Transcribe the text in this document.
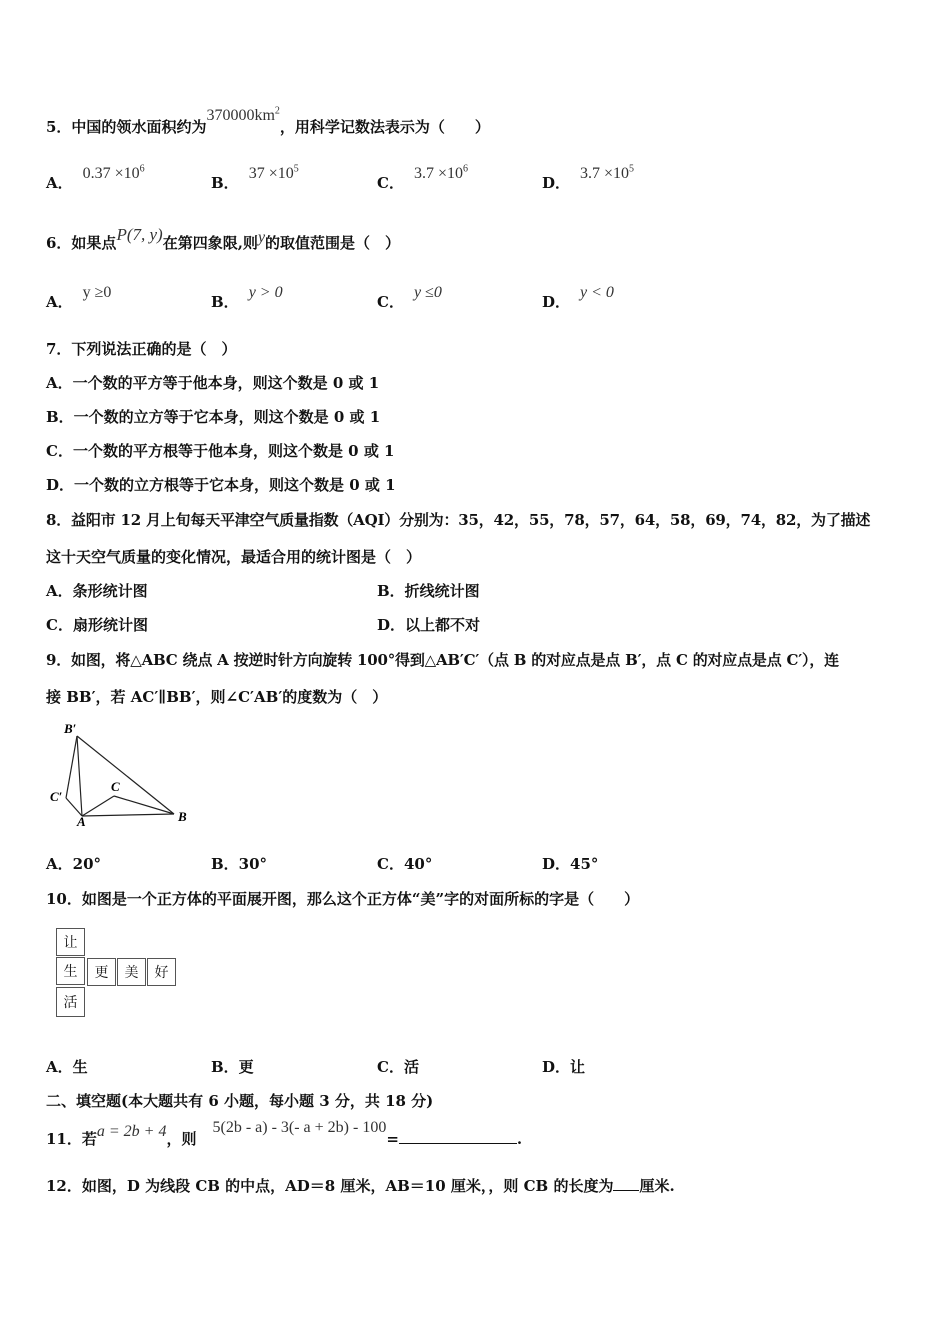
5．中国的领水面积约为$370000km^2$，用科学记数法表示为（　　）
A．$0.37 \times 10^6$
B．$37 \times 10^5$
C．$3.7 \times 10^6$
D．$3.7 \times 10^5$
6．如果点P(7, y)在第四象限,则y的取值范围是（　）
A．y ≥0
B．y > 0
C．y ≤0
D．y < 0
7．下列说法正确的是（　）
A．一个数的平方等于他本身，则这个数是 0 或 1
B．一个数的立方等于它本身，则这个数是 0 或 1
C．一个数的平方根等于他本身，则这个数是 0 或 1
D．一个数的立方根等于它本身，则这个数是 0 或 1
8．益阳市 12 月上旬每天平津空气质量指数（AQI）分别为：35，42，55，78，57，64，58，69，74，82，为了描述
这十天空气质量的变化情况，最适合用的统计图是（　）
A．条形统计图	B．折线统计图
C．扇形统计图	D．以上都不对
9．如图，将△ABC 绕点 A 按逆时针方向旋转 100°得到△AB′C′（点 B 的对应点是点 B′，点 C 的对应点是点 C′），连
接 BB′，若 AC′∥BB′，则∠C′AB′的度数为（　）
B′
C′
C
A	B
A．20°	B．30°	C．40°	D．45°
10．如图是一个正方体的平面展开图，那么这个正方体“美”字的对面所标的字是（　　）
让
生	更	美	好
活
A．生	B．更	C．活	D．让
二、填空题(本大题共有 6 小题，每小题 3 分，共 18 分)
11．若a = 2b + 4，则5(2b - a) - 3(- a + 2b) - 100=	.
12．如图，D 为线段 CB 的中点，AD＝8 厘米，AB＝10 厘米，，则 CB 的长度为 厘米.
